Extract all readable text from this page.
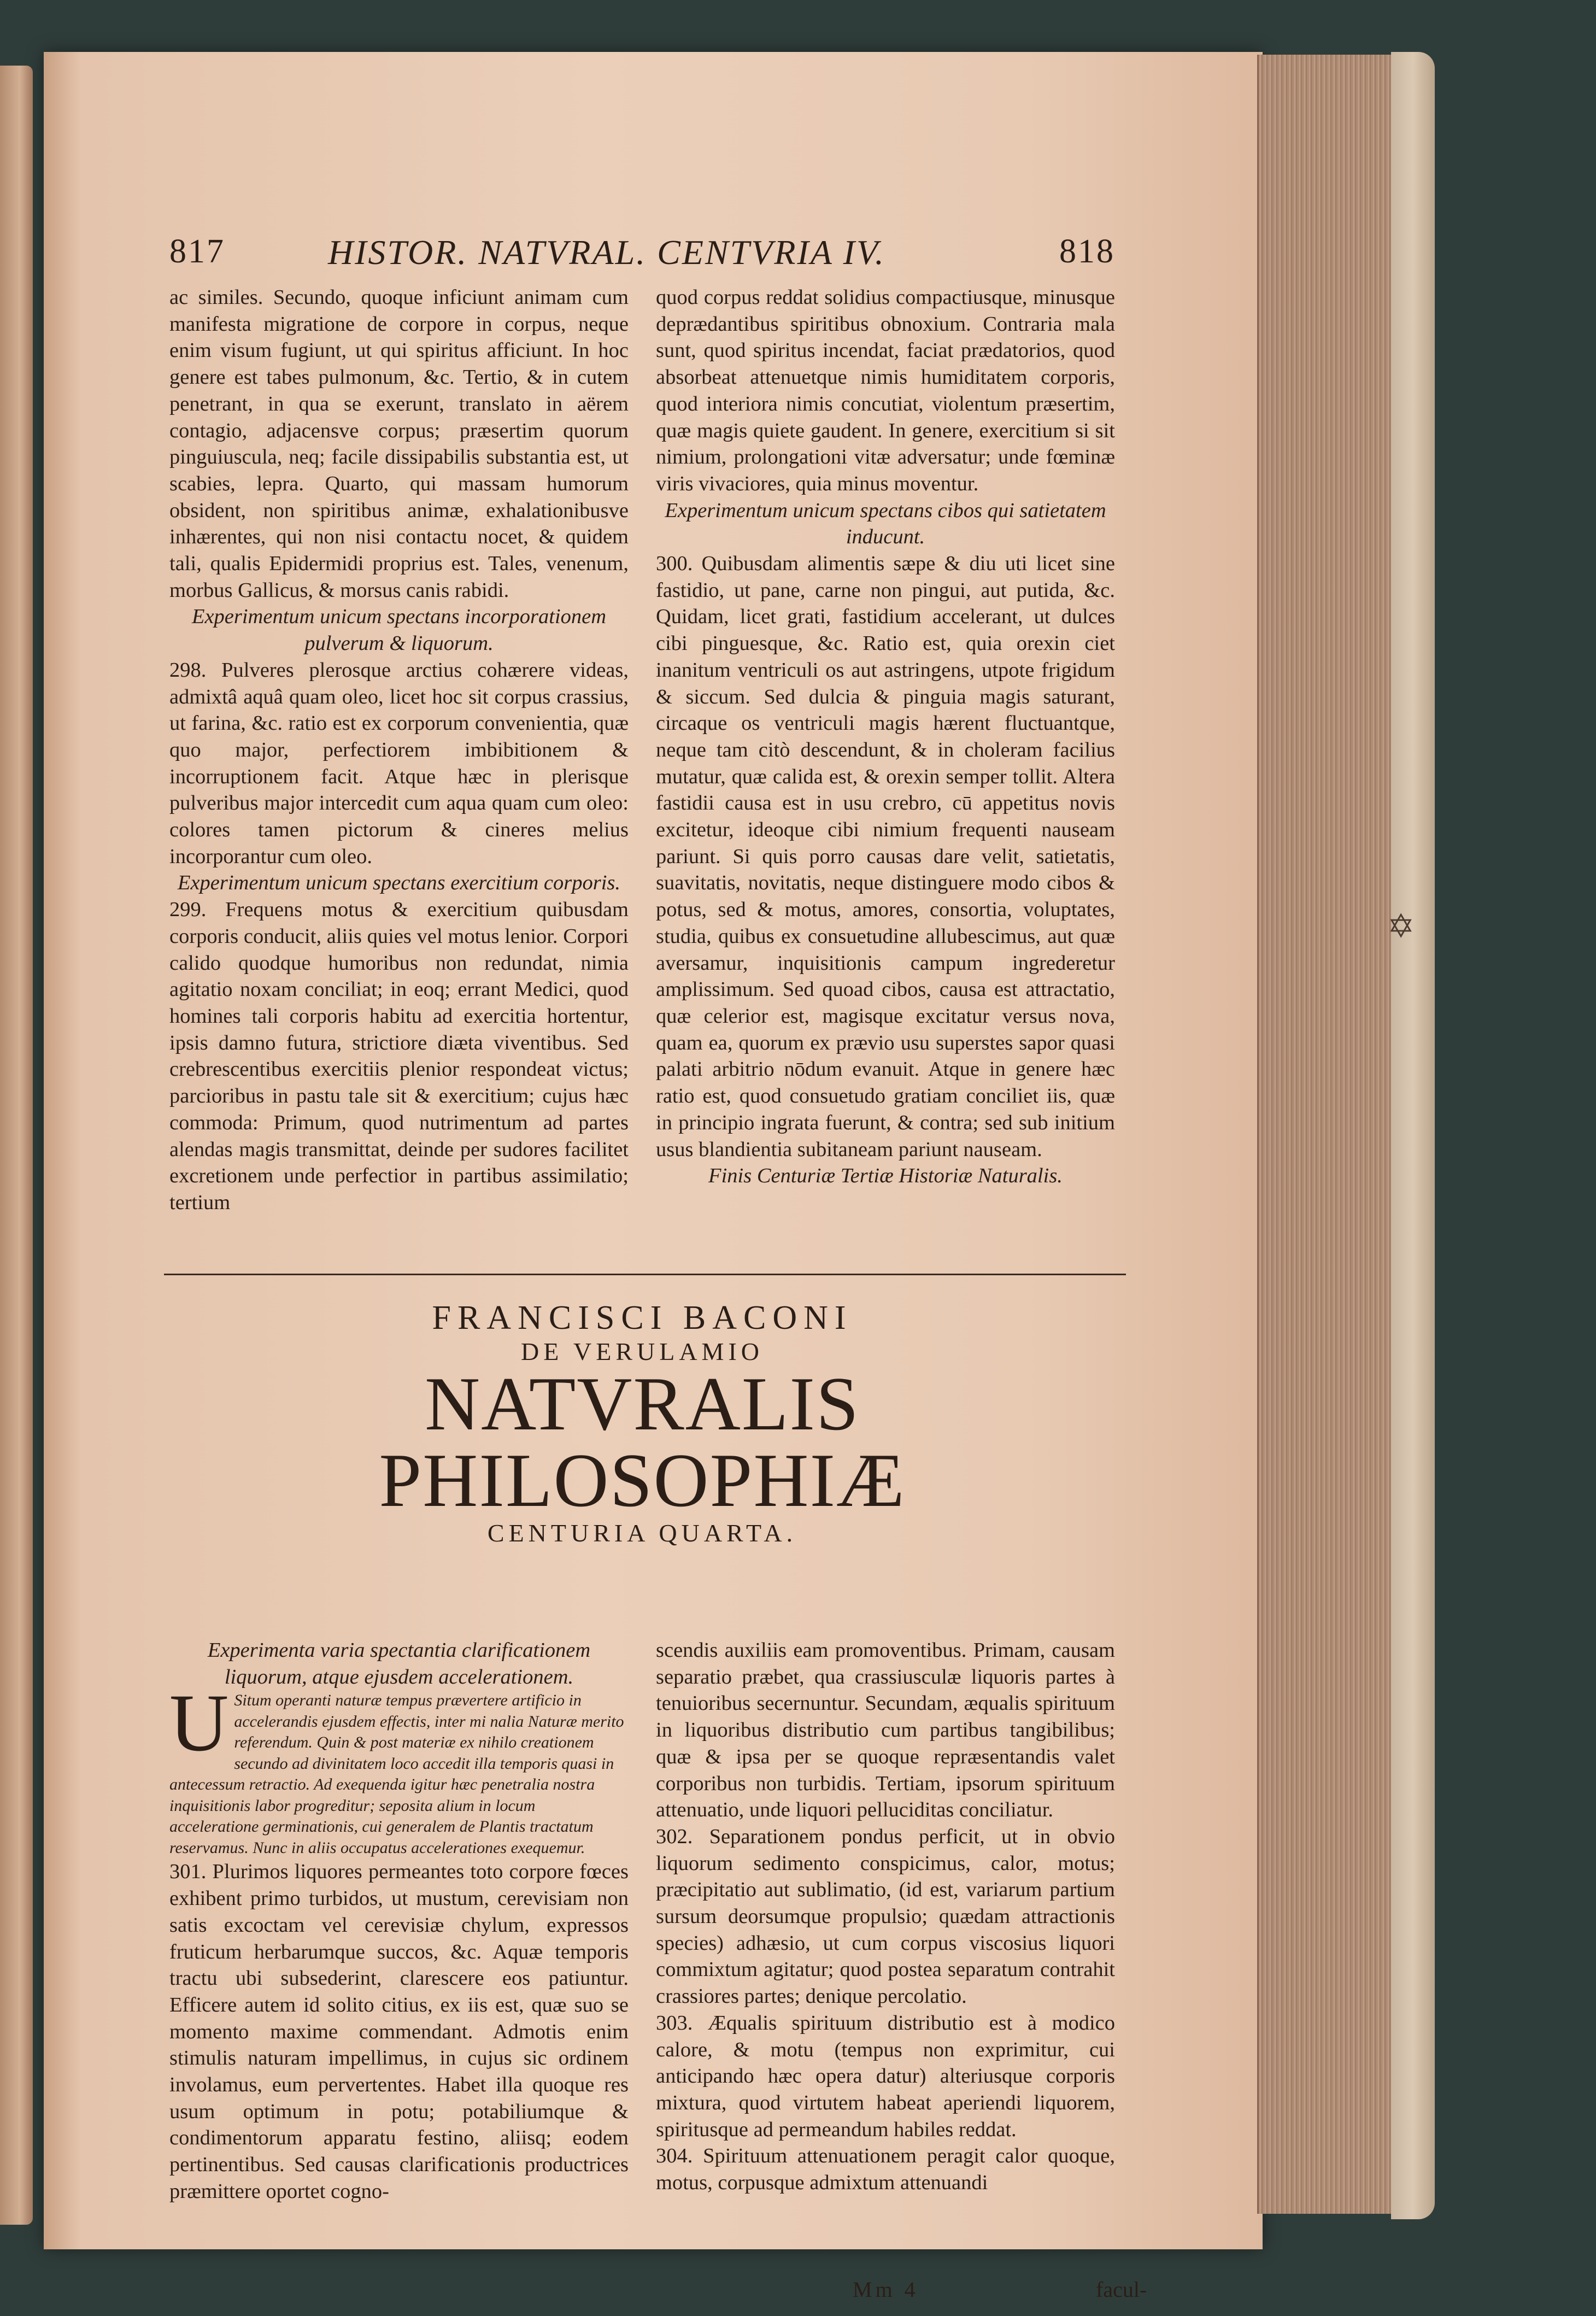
817	HISTOR. NATVRAL. CENTVRIA IV.	818

ac similes. Secundo, quoque inficiunt animam cum manifesta migratione de corpore in corpus, neque enim visum fugiunt, ut qui spiritus afficiunt. In hoc genere est tabes pulmonum, &c. Tertio, & in cutem penetrant, in qua se exerunt, translato in aërem contagio, adjacensve corpus; præsertim quorum pinguiuscula, neq; facile dissipabilis substantia est, ut scabies, lepra. Quarto, qui massam humorum obsident, non spiritibus animæ, exhalationibusve inhærentes, qui non nisi contactu nocet, & quidem tali, qualis Epidermidi proprius est. Tales, venenum, morbus Gallicus, & morsus canis rabidi.

Experimentum unicum spectans incorporationem pulverum & liquorum.

298. Pulveres plerosque arctius cohærere videas, admixtâ aquâ quam oleo, licet hoc sit corpus crassius, ut farina, &c. ratio est ex corporum convenientia, quæ quo major, perfectiorem imbibitionem & incorruptionem facit. Atque hæc in plerisque pulveribus major intercedit cum aqua quam cum oleo: colores tamen pictorum & cineres melius incorporantur cum oleo.

Experimentum unicum spectans exercitium corporis.

299. Frequens motus & exercitium quibusdam corporis conducit, aliis quies vel motus lenior. Corpori calido quodque humoribus non redundat, nimia agitatio noxam conciliat; in eoq; errant Medici, quod homines tali corporis habitu ad exercitia hortentur, ipsis damno futura, strictiore diæta viventibus. Sed crebrescentibus exercitiis plenior respondeat victus; parcioribus in pastu tale sit & exercitium; cujus hæc commoda: Primum, quod nutrimentum ad partes alendas magis transmittat, deinde per sudores facilitet excretionem unde perfectior in partibus assimilatio; tertium

quod corpus reddat solidius compactiusque, minusque deprædantibus spiritibus obnoxium. Contraria mala sunt, quod spiritus incendat, faciat prædatorios, quod absorbeat attenuetque nimis humiditatem corporis, quod interiora nimis concutiat, violentum præsertim, quæ magis quiete gaudent. In genere, exercitium si sit nimium, prolongationi vitæ adversatur; unde fœminæ viris vivaciores, quia minus moventur.

Experimentum unicum spectans cibos qui satietatem inducunt.

300. Quibusdam alimentis sæpe & diu uti licet sine fastidio, ut pane, carne non pingui, aut putida, &c. Quidam, licet grati, fastidium accelerant, ut dulces cibi pinguesque, &c. Ratio est, quia orexin ciet inanitum ventriculi os aut astringens, utpote frigidum & siccum. Sed dulcia & pinguia magis saturant, circaque os ventriculi magis hærent fluctuantque, neque tam citò descendunt, & in choleram facilius mutatur, quæ calida est, & orexin semper tollit. Altera fastidii causa est in usu crebro, cū appetitus novis excitetur, ideoque cibi nimium frequenti nauseam pariunt. Si quis porro causas dare velit, satietatis, suavitatis, novitatis, neque distinguere modo cibos & potus, sed & motus, amores, consortia, voluptates, studia, quibus ex consuetudine allubescimus, aut quæ aversamur, inquisitionis campum ingrederetur amplissimum. Sed quoad cibos, causa est attractatio, quæ celerior est, magisque excitatur versus nova, quam ea, quorum ex prævio usu superstes sapor quasi palati arbitrio nōdum evanuit. Atque in genere hæc ratio est, quod consuetudo gratiam conciliet iis, quæ in principio ingrata fuerunt, & contra; sed sub initium usus blandientia subitaneam pariunt nauseam.

Finis Centuriæ Tertiæ Historiæ Naturalis.

FRANCISCI BACONI
DE VERULAMIO
NATVRALIS PHILOSOPHIÆ
CENTURIA QUARTA.

Experimenta varia spectantia clarificationem liquorum, atque ejusdem accelerationem.

U Situm operanti naturæ tempus prævertere artificio in accelerandis ejusdem effectis, inter mi nalia Naturæ merito referendum. Quin & post materiæ ex nihilo creationem secundo ad divinitatem loco accedit illa temporis quasi in antecessum retractio. Ad exequenda igitur hæc penetralia nostra inquisitionis labor progreditur; seposita alium in locum acceleratione germinationis, cui generalem de Plantis tractatum reservamus. Nunc in aliis occupatus accelerationes exequemur.

301. Plurimos liquores permeantes toto corpore fœces exhibent primo turbidos, ut mustum, cerevisiam non satis excoctam vel cerevisiæ chylum, expressos fruticum herbarumque succos, &c. Aquæ temporis tractu ubi subsederint, clarescere eos patiuntur. Efficere autem id solito citius, ex iis est, quæ suo se momento maxime commendant. Admotis enim stimulis naturam impellimus, in cujus sic ordinem involamus, eum pervertentes. Habet illa quoque res usum optimum in potu; potabiliumque & condimentorum apparatu festino, aliisq; eodem pertinentibus. Sed causas clarificationis productrices præmittere oportet cogno-

scendis auxiliis eam promoventibus. Primam, causam separatio præbet, qua crassiusculæ liquoris partes à tenuioribus secernuntur. Secundam, æqualis spirituum in liquoribus distributio cum partibus tangibilibus; quæ & ipsa per se quoque repræsentandis valet corporibus non turbidis. Tertiam, ipsorum spirituum attenuatio, unde liquori pelluciditas conciliatur.

302. Separationem pondus perficit, ut in obvio liquorum sedimento conspicimus, calor, motus; præcipitatio aut sublimatio, (id est, variarum partium sursum deorsumque propulsio; quædam attractionis species) adhæsio, ut cum corpus viscosius liquori commixtum agitatur; quod postea separatum contrahit crassiores partes; denique percolatio.

303. Æqualis spirituum distributio est à modico calore, & motu (tempus non exprimitur, cui anticipando hæc opera datur) alteriusque corporis mixtura, quod virtutem habeat aperiendi liquorem, spiritusque ad permeandum habiles reddat.

304. Spirituum attenuationem peragit calor quoque, motus, corpusque admixtum attenuandi

Mm 4	facul-
✡
